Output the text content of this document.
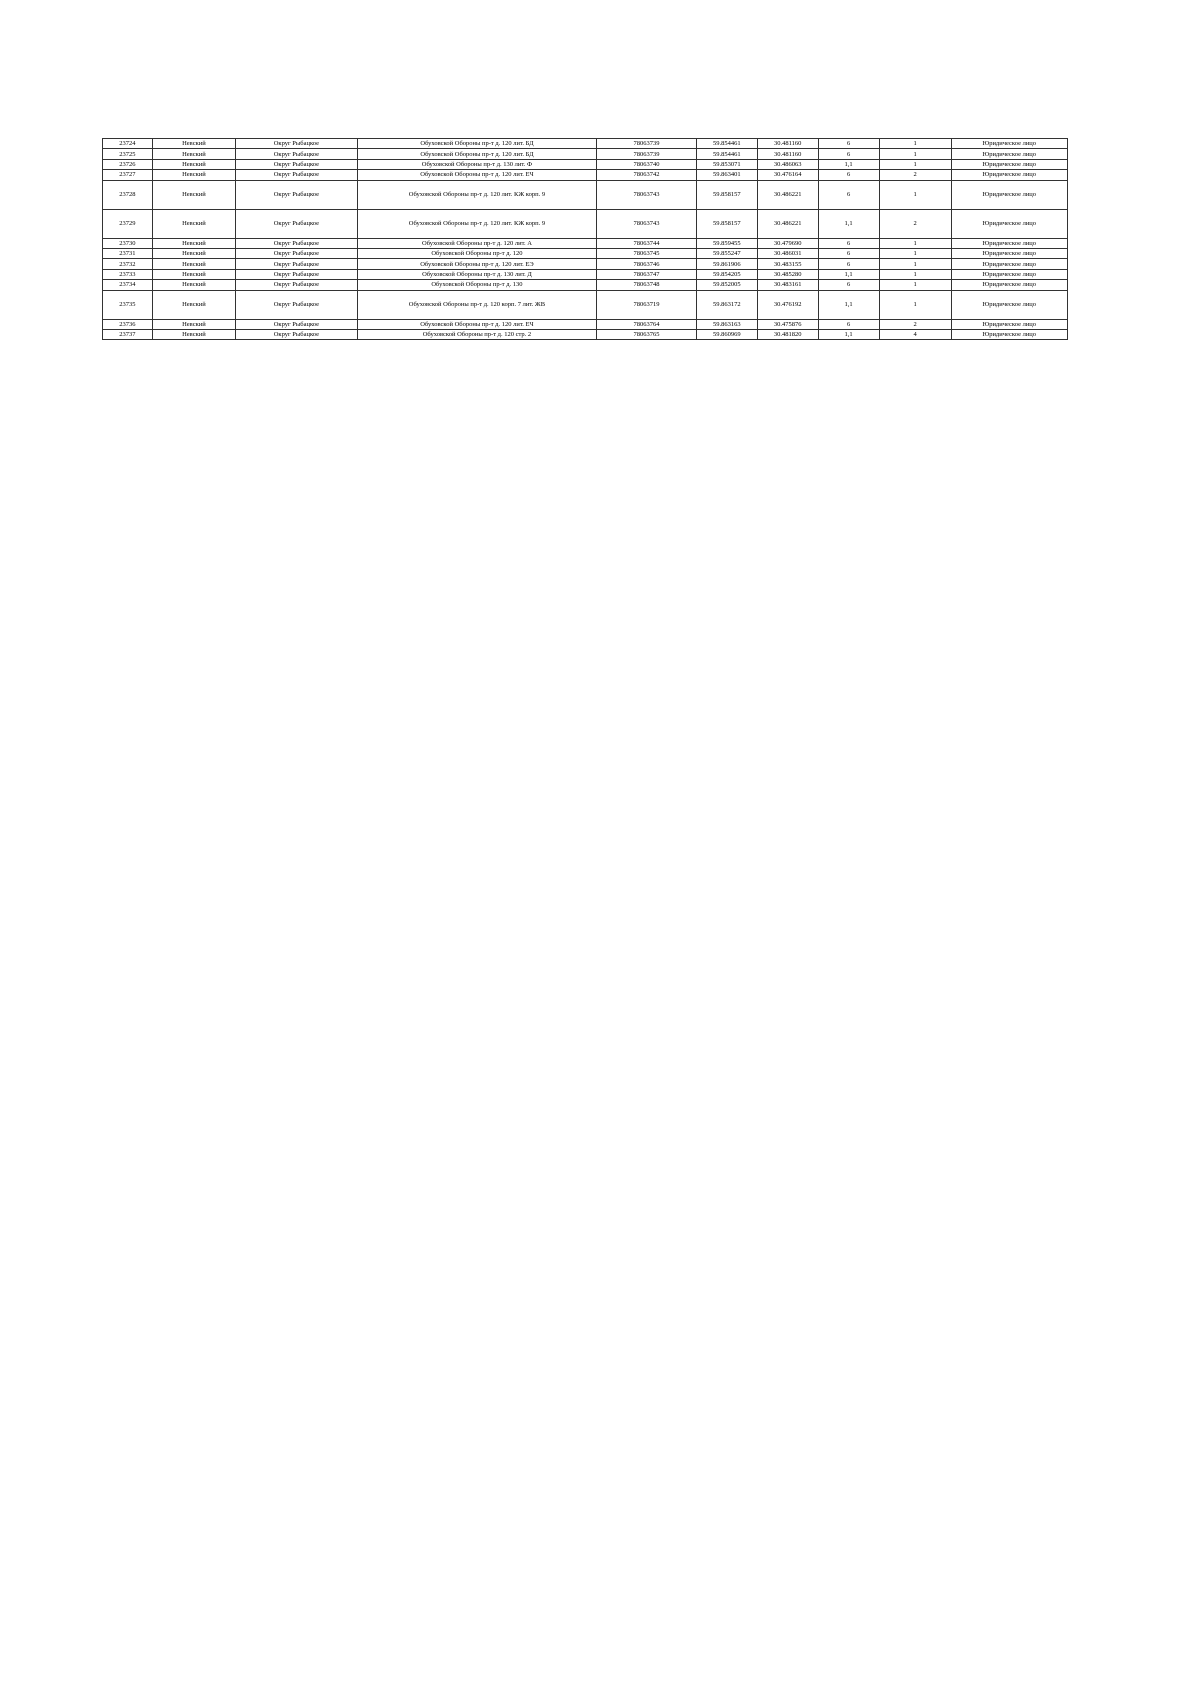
23724	Невский	Округ Рыбацкое	Обуховской Обороны пр-т д. 120 лит. БД	78063739	59.854461	30.481160	6	1	Юридическое лицо
23725	Невский	Округ Рыбацкое	Обуховской Обороны пр-т д. 120 лит. БД	78063739	59.854461	30.481160	6	1	Юридическое лицо
23726	Невский	Округ Рыбацкое	Обуховской Обороны пр-т д. 130 лит. Ф	78063740	59.853071	30.486063	1,1	1	Юридическое лицо
23727	Невский	Округ Рыбацкое	Обуховской Обороны пр-т д. 120 лит. ЕЧ	78063742	59.863401	30.476164	6	2	Юридическое лицо
23728	Невский	Округ Рыбацкое	Обуховской Обороны пр-т д. 120 лит. КЖ корп. 9	78063743	59.858157	30.486221	6	1	Юридическое лицо
23729	Невский	Округ Рыбацкое	Обуховской Обороны пр-т д. 120 лит. КЖ корп. 9	78063743	59.858157	30.486221	1,1	2	Юридическое лицо
23730	Невский	Округ Рыбацкое	Обуховской Обороны пр-т д. 120 лит. А	78063744	59.859455	30.479690	6	1	Юридическое лицо
23731	Невский	Округ Рыбацкое	Обуховской Обороны пр-т д. 120	78063745	59.855247	30.486031	6	1	Юридическое лицо
23732	Невский	Округ Рыбацкое	Обуховской Обороны пр-т д. 120 лит. ЕЭ	78063746	59.861906	30.483155	6	1	Юридическое лицо
23733	Невский	Округ Рыбацкое	Обуховской Обороны пр-т д. 130 лит. Д	78063747	59.854205	30.485280	1,1	1	Юридическое лицо
23734	Невский	Округ Рыбацкое	Обуховской Обороны пр-т д. 130	78063748	59.852005	30.483161	6	1	Юридическое лицо
23735	Невский	Округ Рыбацкое	Обуховской Обороны пр-т д. 120 корп. 7 лит. ЖВ	78063719	59.863172	30.476192	1,1	1	Юридическое лицо
23736	Невский	Округ Рыбацкое	Обуховской Обороны пр-т д. 120 лит. ЕЧ	78063764	59.863163	30.475876	6	2	Юридическое лицо
23737	Невский	Округ Рыбацкое	Обуховской Обороны пр-т д. 120 стр. 2	78063765	59.860969	30.481820	1,1	4	Юридическое лицо
